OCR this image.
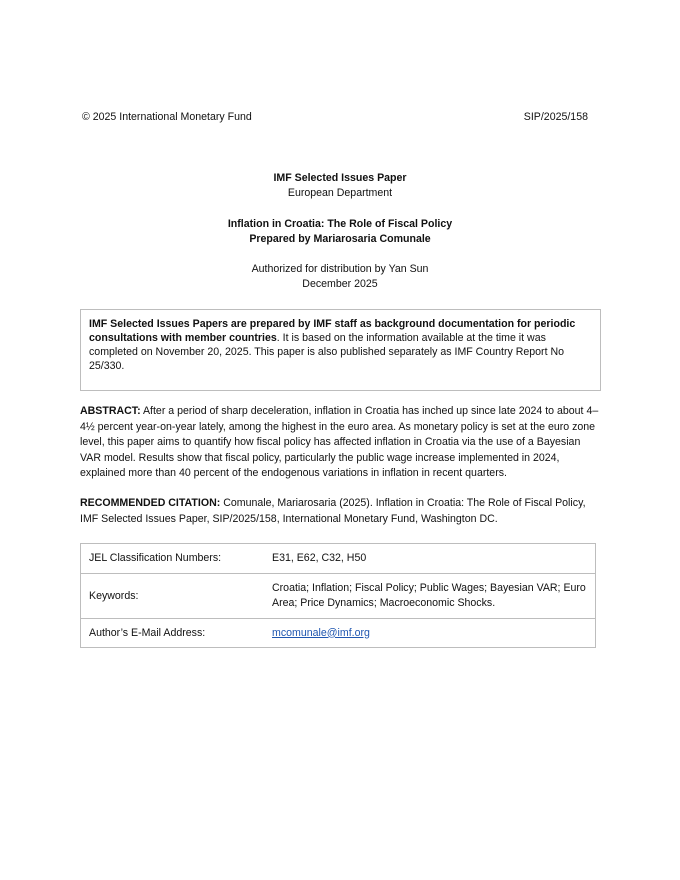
© 2025 International Monetary Fund	SIP/2025/158
IMF Selected Issues Paper
European Department
Inflation in Croatia: The Role of Fiscal Policy
Prepared by Mariarosaria Comunale
Authorized for distribution by Yan Sun
December 2025
IMF Selected Issues Papers are prepared by IMF staff as background documentation for periodic consultations with member countries. It is based on the information available at the time it was completed on November 20, 2025. This paper is also published separately as IMF Country Report No 25/330.
ABSTRACT: After a period of sharp deceleration, inflation in Croatia has inched up since late 2024 to about 4–4½ percent year-on-year lately, among the highest in the euro area. As monetary policy is set at the euro zone level, this paper aims to quantify how fiscal policy has affected inflation in Croatia via the use of a Bayesian VAR model. Results show that fiscal policy, particularly the public wage increase implemented in 2024, explained more than 40 percent of the endogenous variations in inflation in recent quarters.
RECOMMENDED CITATION: Comunale, Mariarosaria (2025). Inflation in Croatia: The Role of Fiscal Policy, IMF Selected Issues Paper, SIP/2025/158, International Monetary Fund, Washington DC.
JEL Classification Numbers:	E31, E62, C32, H50
Keywords:	Croatia; Inflation; Fiscal Policy; Public Wages; Bayesian VAR; Euro Area; Price Dynamics; Macroeconomic Shocks.
Author’s E-Mail Address:	mcomunale@imf.org
